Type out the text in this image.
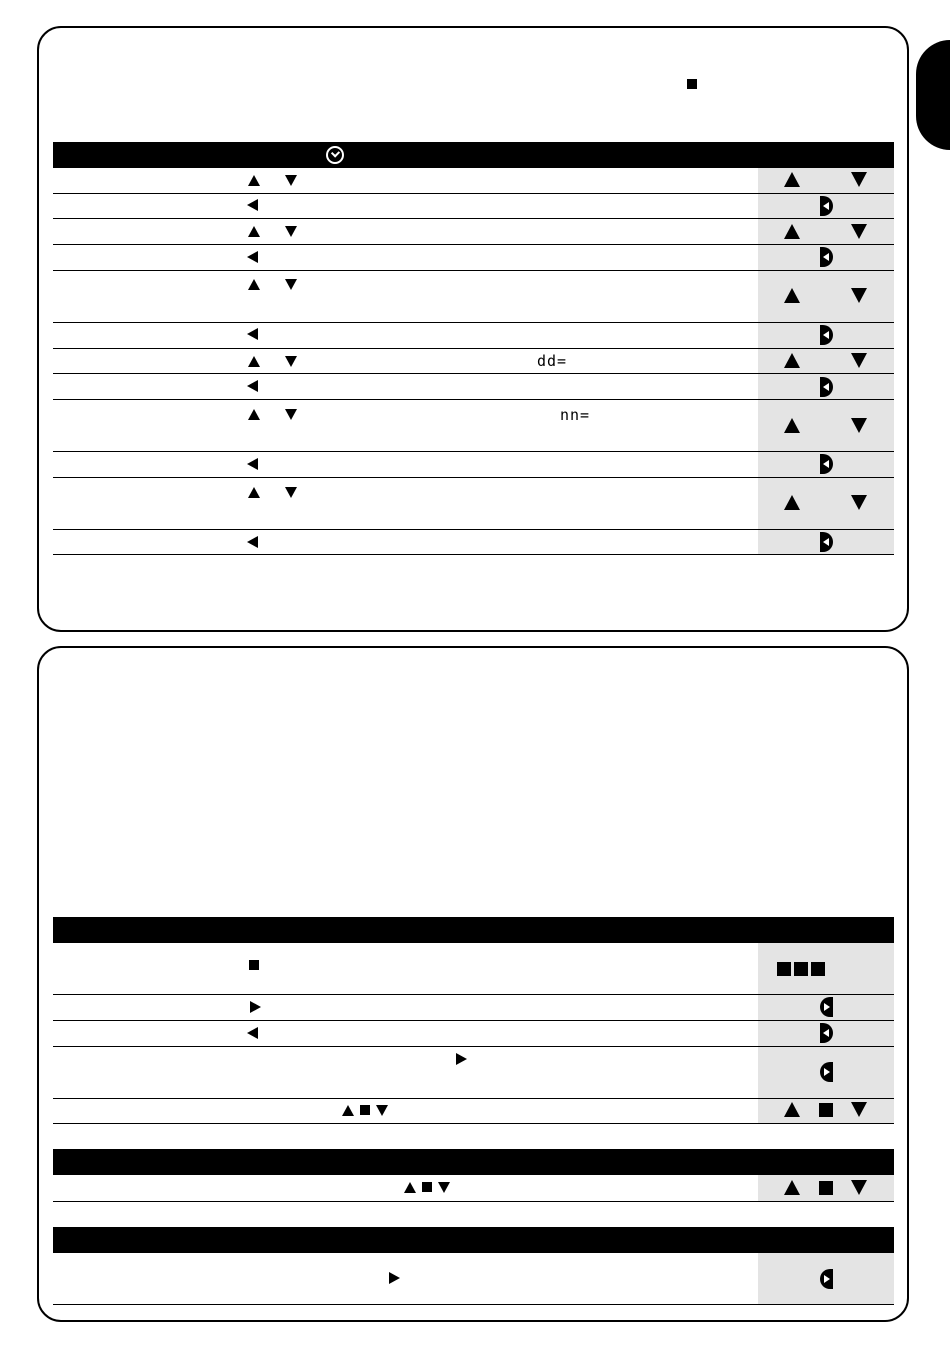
dd=
nn=
